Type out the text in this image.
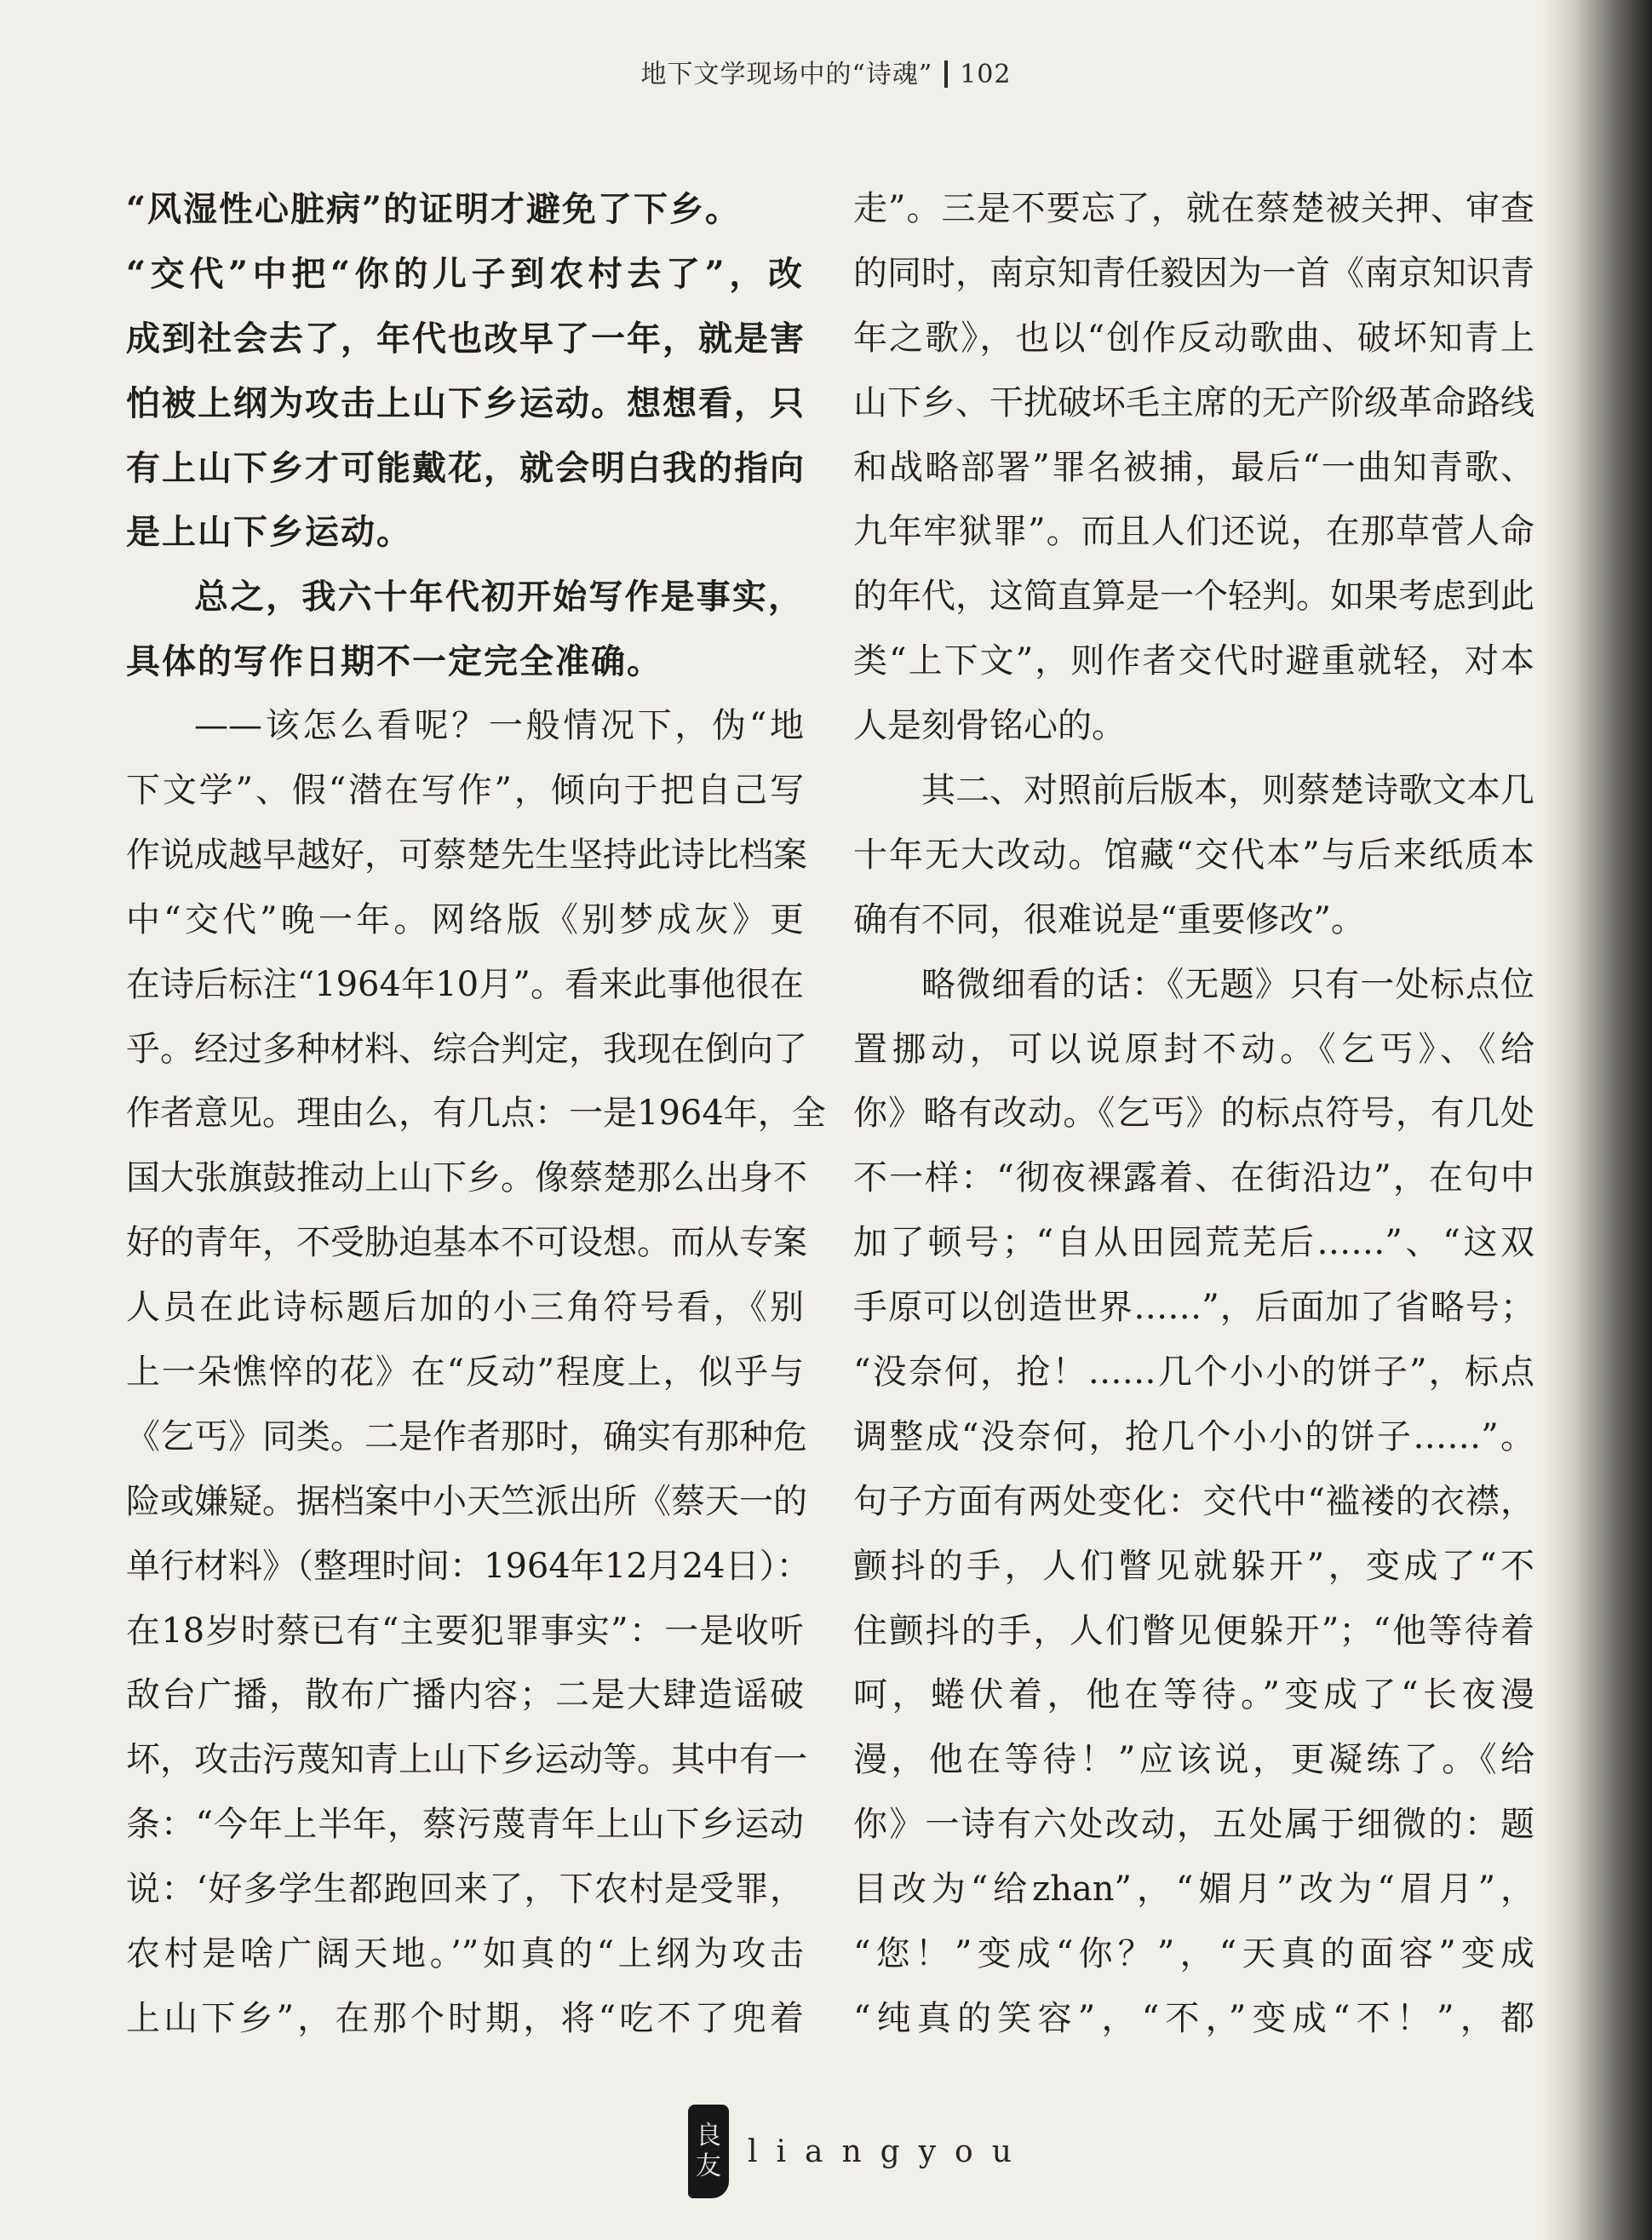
地下文学现场中的“诗魂” 102
“风湿性心脏病”的证明才避免了下乡。
“交代”中把“你的儿子到农村去了”，改
成到社会去了，年代也改早了一年，就是害
怕被上纲为攻击上山下乡运动。想想看，只
有上山下乡才可能戴花，就会明白我的指向
是上山下乡运动。
总之，我六十年代初开始写作是事实，
具体的写作日期不一定完全准确。
——该怎么看呢？一般情况下，伪“地
下文学”、假“潜在写作”，倾向于把自己写
作说成越早越好，可蔡楚先生坚持此诗比档案
中“交代”晚一年。网络版《别梦成灰》更
在诗后标注“1964年10月”。看来此事他很在
乎。经过多种材料、综合判定，我现在倒向了
作者意见。理由么，有几点：一是1964年，全
国大张旗鼓推动上山下乡。像蔡楚那么出身不
好的青年，不受胁迫基本不可设想。而从专案
人员在此诗标题后加的小三角符号看，《别
上一朵憔悴的花》在“反动”程度上，似乎与
《乞丐》同类。二是作者那时，确实有那种危
险或嫌疑。据档案中小天竺派出所《蔡天一的
单行材料》（整理时间：1964年12月24日）：
在18岁时蔡已有“主要犯罪事实”：一是收听
敌台广播，散布广播内容；二是大肆造谣破
坏，攻击污蔑知青上山下乡运动等。其中有一
条：“今年上半年，蔡污蔑青年上山下乡运动
说：‘好多学生都跑回来了，下农村是受罪，
农村是啥广阔天地。’”如真的“上纲为攻击
上山下乡”，在那个时期，将“吃不了兜着
走”。三是不要忘了，就在蔡楚被关押、审查
的同时，南京知青任毅因为一首《南京知识青
年之歌》，也以“创作反动歌曲、破坏知青上
山下乡、干扰破坏毛主席的无产阶级革命路线
和战略部署”罪名被捕，最后“一曲知青歌、
九年牢狱罪”。而且人们还说，在那草菅人命
的年代，这简直算是一个轻判。如果考虑到此
类“上下文”，则作者交代时避重就轻，对本
人是刻骨铭心的。
其二、对照前后版本，则蔡楚诗歌文本几
十年无大改动。馆藏“交代本”与后来纸质本
确有不同，很难说是“重要修改”。
略微细看的话：《无题》只有一处标点位
置挪动，可以说原封不动。《乞丐》、《给
你》略有改动。《乞丐》的标点符号，有几处
不一样：“彻夜裸露着、在街沿边”，在句中
加了顿号；“自从田园荒芜后……”、“这双
手原可以创造世界……”，后面加了省略号；
“没奈何，抢！……几个小小的饼子”，标点
调整成“没奈何，抢几个小小的饼子……”。
句子方面有两处变化：交代中“褴褛的衣襟，
颤抖的手，人们瞥见就躲开”，变成了“不
住颤抖的手，人们瞥见便躲开”；“他等待着
呵，蜷伏着，他在等待。”变成了“长夜漫
漫，他在等待！”应该说，更凝练了。《给
你》一诗有六处改动，五处属于细微的：题
目改为“给zhan”，“媚月”改为“眉月”，
“您！”变成“你？”，“天真的面容”变成
“纯真的笑容”，“不，”变成“不！”，都
良
友 liangyou
